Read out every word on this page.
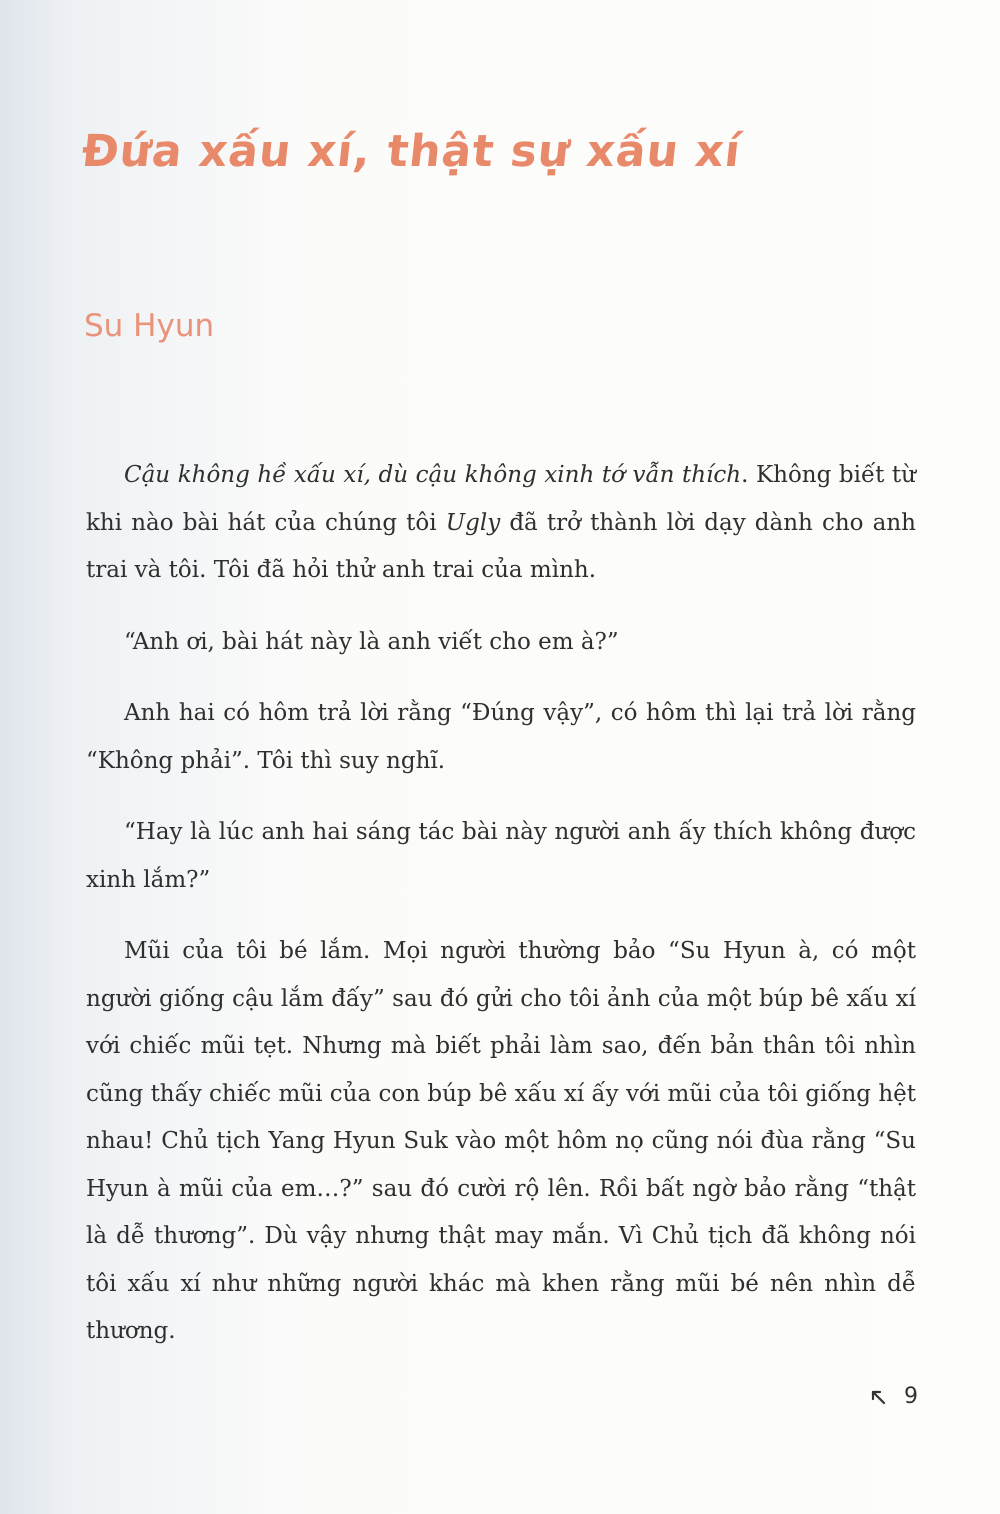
Đứa xấu xí, thật sự xấu xí
Su Hyun

Cậu không hề xấu xí, dù cậu không xinh tớ vẫn thích. Không biết từ khi nào bài hát của chúng tôi Ugly đã trở thành lời dạy dành cho anh trai và tôi. Tôi đã hỏi thử anh trai của mình.

“Anh ơi, bài hát này là anh viết cho em à?”

Anh hai có hôm trả lời rằng “Đúng vậy”, có hôm thì lại trả lời rằng “Không phải”. Tôi thì suy nghĩ.

“Hay là lúc anh hai sáng tác bài này người anh ấy thích không được xinh lắm?”

Mũi của tôi bé lắm. Mọi người thường bảo “Su Hyun à, có một người giống cậu lắm đấy” sau đó gửi cho tôi ảnh của một búp bê xấu xí với chiếc mũi tẹt. Nhưng mà biết phải làm sao, đến bản thân tôi nhìn cũng thấy chiếc mũi của con búp bê xấu xí ấy với mũi của tôi giống hệt nhau! Chủ tịch Yang Hyun Suk vào một hôm nọ cũng nói đùa rằng “Su Hyun à mũi của em…?” sau đó cười rộ lên. Rồi bất ngờ bảo rằng “thật là dễ thương”. Dù vậy nhưng thật may mắn. Vì Chủ tịch đã không nói tôi xấu xí như những người khác mà khen rằng mũi bé nên nhìn dễ thương.

9
